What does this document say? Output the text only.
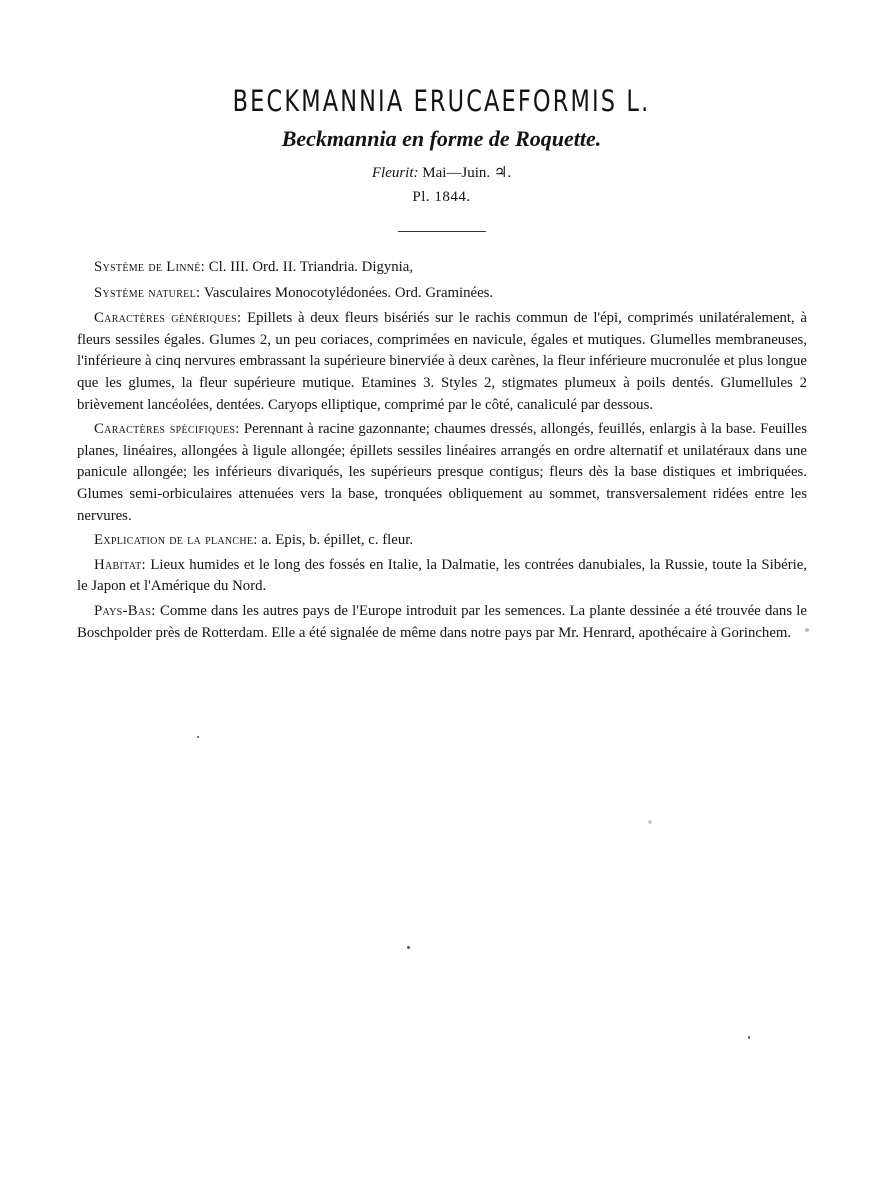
BECKMANNIA ERUCAEFORMIS L.
Beckmannia en forme de Roquette.
Fleurit: Mai—Juin. ♃.
Pl. 1844.

Système de Linné: Cl. III. Ord. II. Triandria. Digynia,

Système naturel: Vasculaires Monocotylédonées. Ord. Graminées.

Caractères génériques: Epillets à deux fleurs bisériés sur le rachis commun de l'épi, comprimés unilatéralement, à fleurs sessiles égales. Glumes 2, un peu coriaces, comprimées en navicule, égales et mutiques. Glumelles membraneuses, l'inférieure à cinq nervures embrassant la supérieure binerviée à deux carènes, la fleur inférieure mucronulée et plus longue que les glumes, la fleur supérieure mutique. Etamines 3. Styles 2, stigmates plumeux à poils dentés. Glumellules 2 brièvement lancéolées, dentées. Caryops elliptique, comprimé par le côté, canaliculé par dessous.

Caractères spécifiques: Perennant à racine gazonnante; chaumes dressés, allongés, feuillés, enlargis à la base. Feuilles planes, linéaires, allongées à ligule allongée; épillets sessiles linéaires arrangés en ordre alternatif et unilatéraux dans une panicule allongée; les inférieurs divariqués, les supérieurs presque contigus; fleurs dès la base distiques et imbriquées. Glumes semi-orbiculaires attenuées vers la base, tronquées obliquement au sommet, transversalement ridées entre les nervures.

Explication de la planche: a. Epis, b. épillet, c. fleur.

Habitat: Lieux humides et le long des fossés en Italie, la Dalmatie, les contrées danubiales, la Russie, toute la Sibérie, le Japon et l'Amérique du Nord.

Pays-Bas: Comme dans les autres pays de l'Europe introduit par les semences. La plante dessinée a été trouvée dans le Boschpolder près de Rotterdam. Elle a été signalée de même dans notre pays par Mr. Henrard, apothécaire à Gorinchem.
